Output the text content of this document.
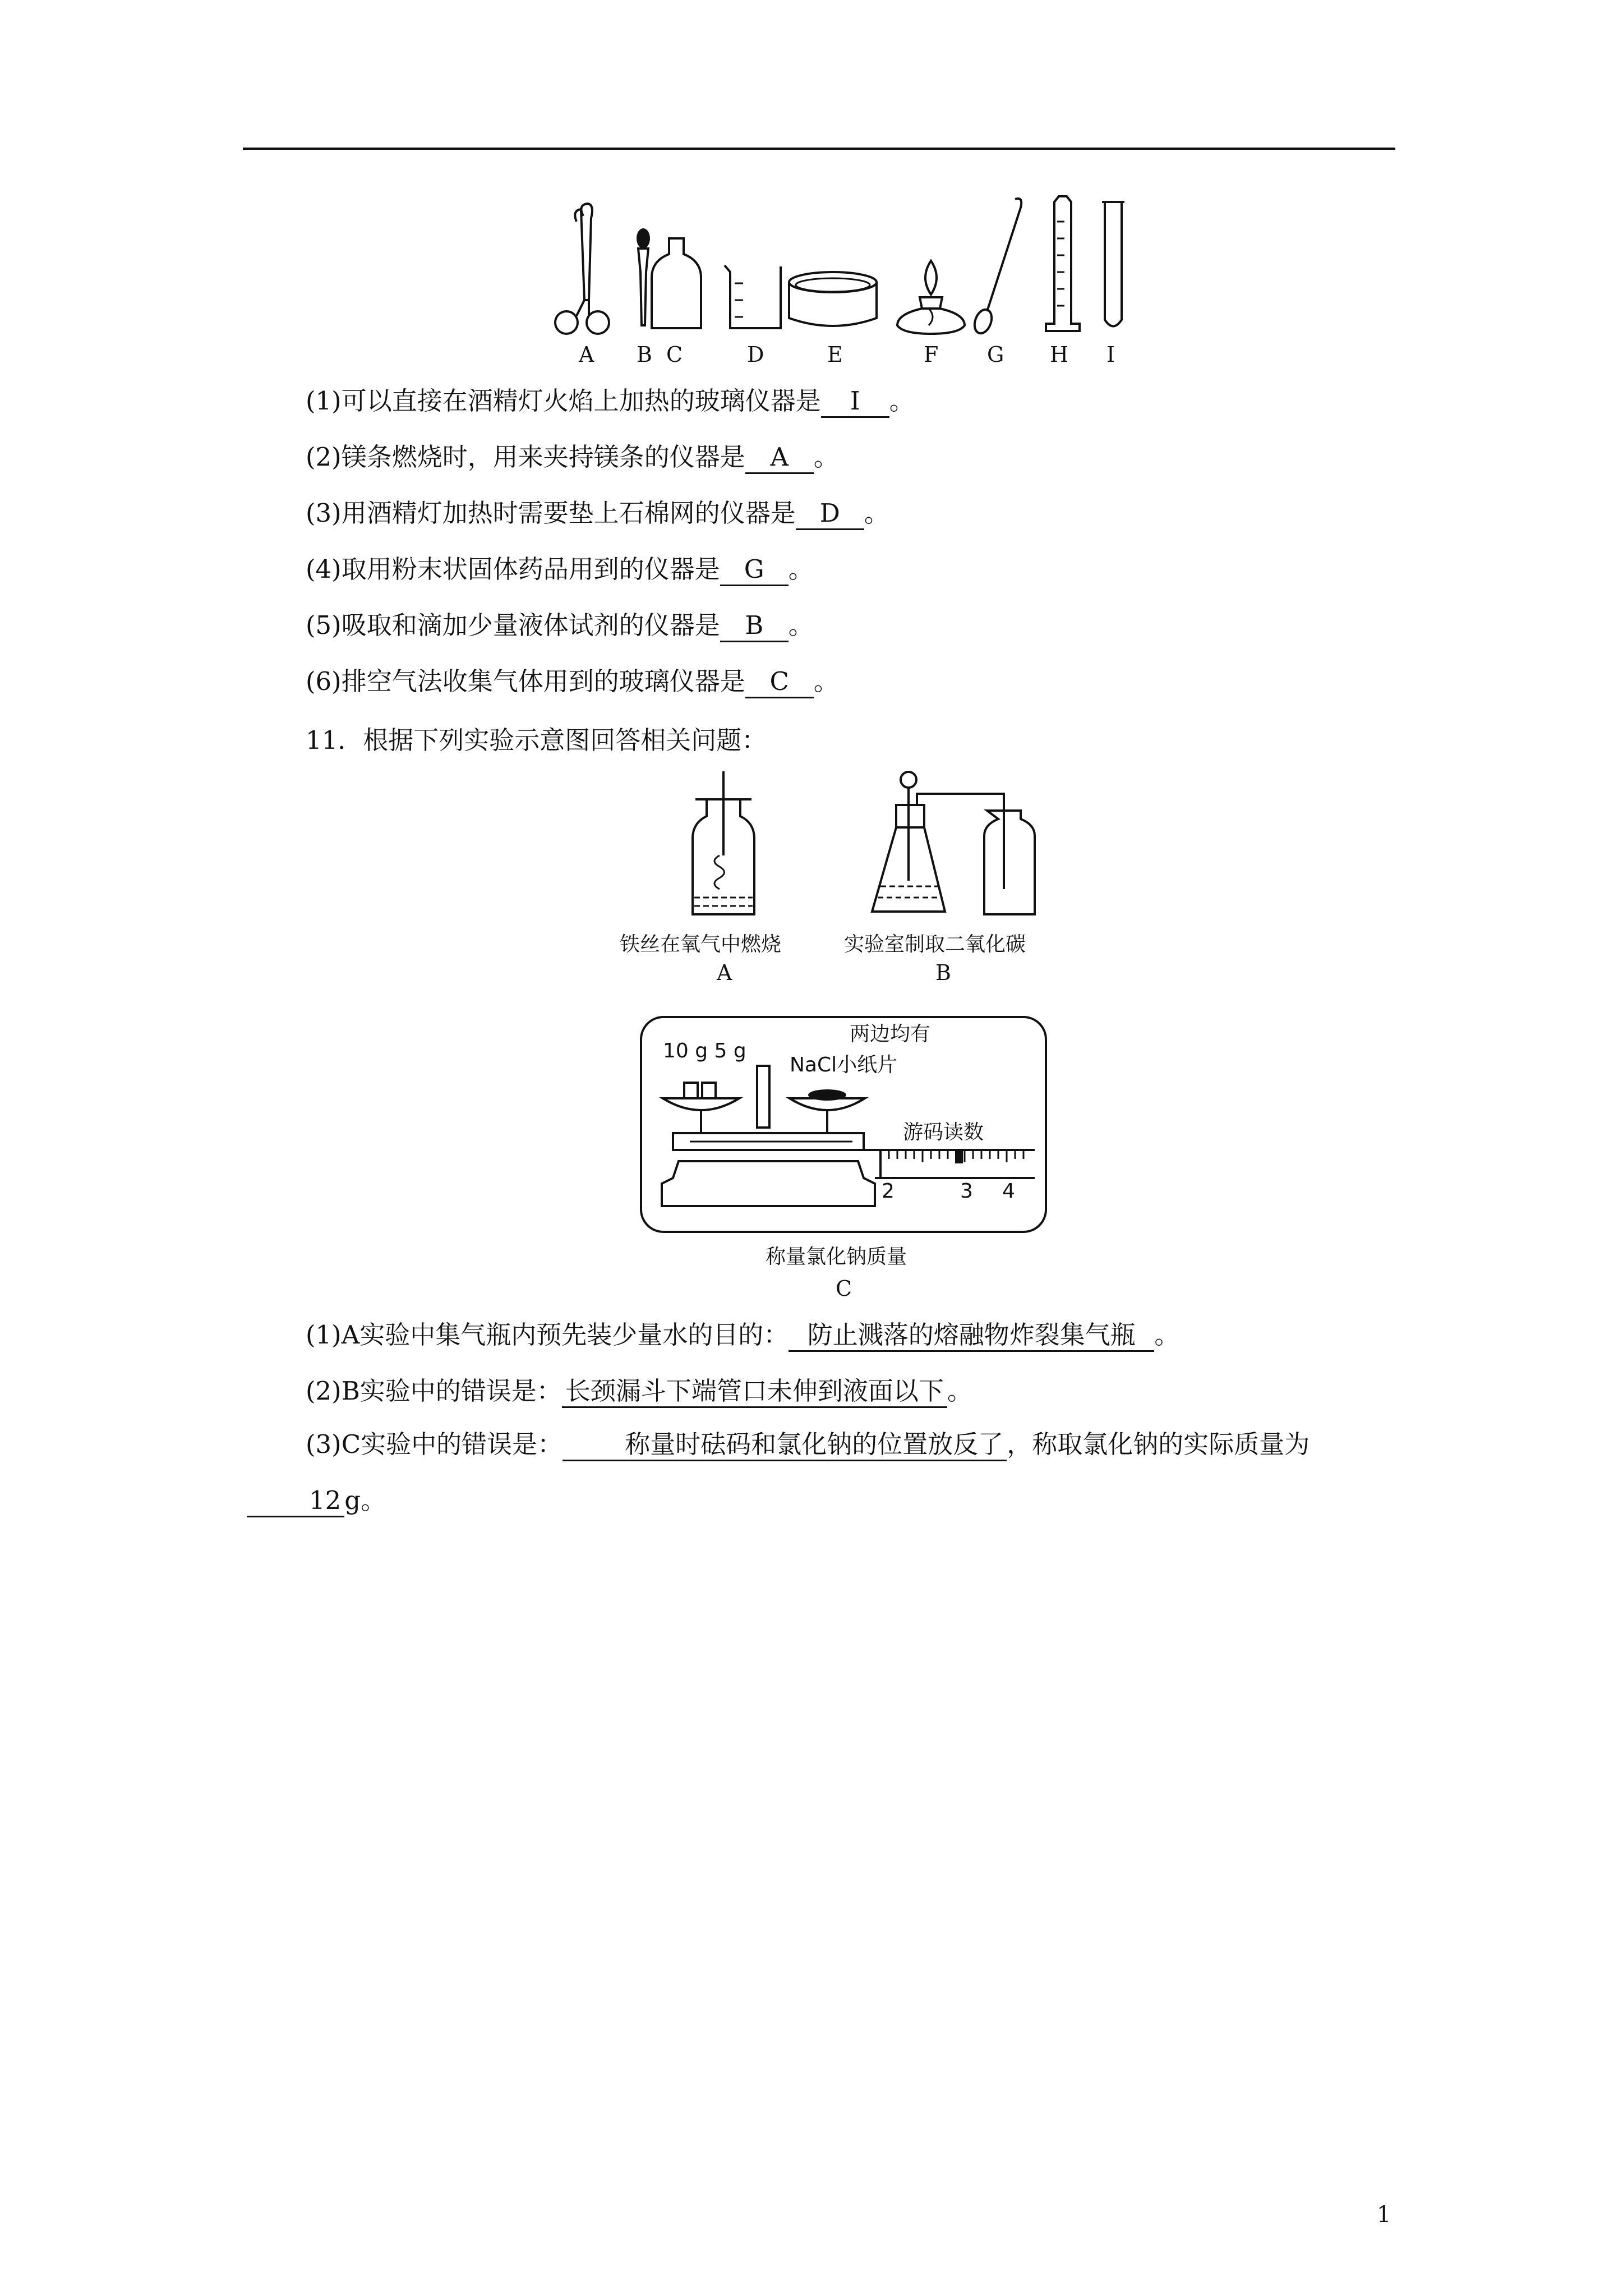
A B C	D	E	F G H I
(1)可以直接在酒精灯火焰上加热的玻璃仪器是 I 。
(2)镁条燃烧时，用来夹持镁条的仪器是 A 。
(3)用酒精灯加热时需要垫上石棉网的仪器是 D 。
(4)取用粉末状固体药品用到的仪器是 G 。
(5)吸取和滴加少量液体试剂的仪器是 B 。
(6)排空气法收集气体用到的玻璃仪器是 C 。
11．根据下列实验示意图回答相关问题：
铁丝在氧气中燃烧
A
实验室制取二氧化碳
B
10 g 5 g
两边均有
NaCl小纸片
游码读数
2	3 4
称量氯化钠质量
C
(1)A实验中集气瓶内预先装少量水的目的： 防止溅落的熔融物炸裂集气瓶 。
(2)B实验中的错误是： 长颈漏斗下端管口未伸到液面以下 。
(3)C实验中的错误是： 称量时砝码和氯化钠的位置放反了 ，称取氯化钠的实际质量为12 g。
1
